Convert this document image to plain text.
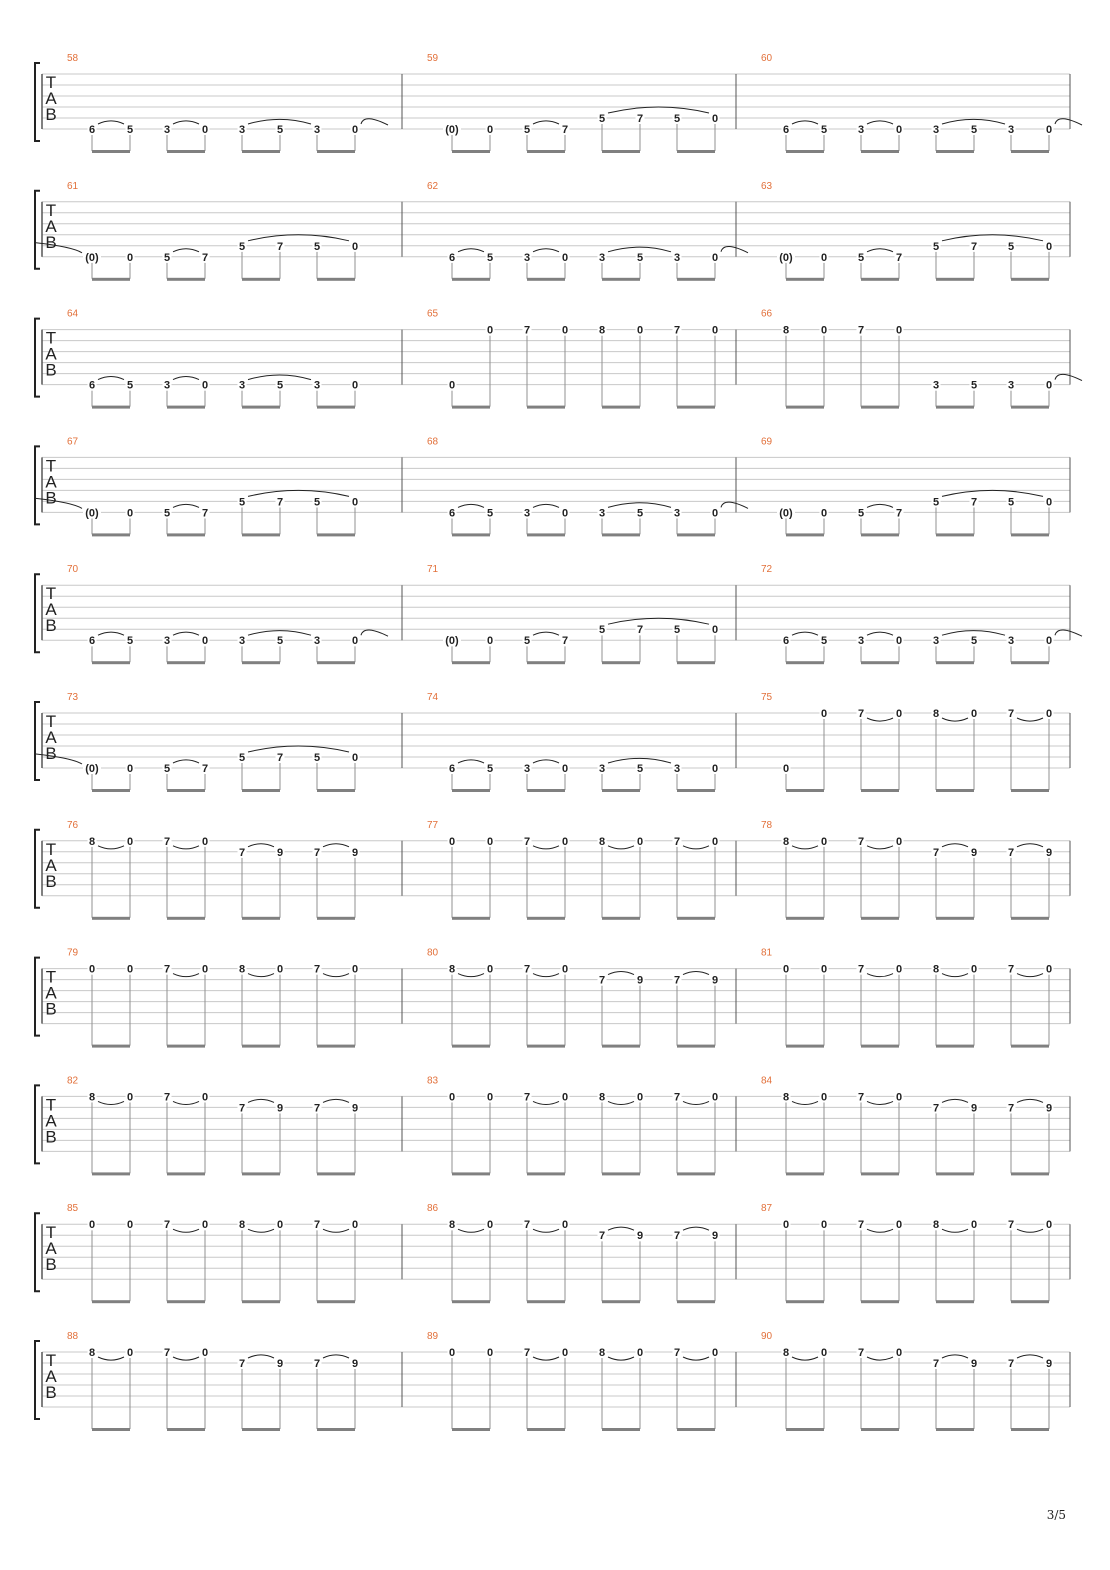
T
A
B
58
6	5	3	0	3	5	3	0
59
(0)	0	5	7
5	7	5	0
60
6	5	3	0	3	5	3	0
T
A
B
61
(0)	0	5	7
5	7	5	0
62
6	5	3	0	3	5	3	0
63
(0)	0	5	7
5	7	5	0
T
A
B
64
6	5	3	0	3	5	3	0
65
0
0	7	0	8	0	7	0
66
8	0	7	0
3	5	3	0
T
A
B
67
(0)	0	5	7
5	7	5	0
68
6	5	3	0	3	5	3	0
69
(0)	0	5	7
5	7	5	0
T
A
B
70
6	5	3	0	3	5	3	0
71
(0)	0	5	7
5	7	5	0
72
6	5	3	0	3	5	3	0
T
A
B
73
(0)	0	5	7
5	7	5	0
74
6	5	3	0	3	5	3	0
75
0
0	7	0	8	0	7	0
T
A
B
76
8	0	7	0
7	9	7	9
77
0	0	7	0	8	0	7	0
78
8	0	7	0
7	9	7	9
T
A
B
79
0	0	7	0	8	0	7	0
80
8	0	7	0
7	9	7	9
81
0	0	7	0	8	0	7	0
T
A
B
82
8	0	7	0
7	9	7	9
83
0	0	7	0	8	0	7	0
84
8	0	7	0
7	9	7	9
T
A
B
85
0	0	7	0	8	0	7	0
86
8	0	7	0
7	9	7	9
87
0	0	7	0	8	0	7	0
T
A
B
88
8	0	7	0
7	9	7	9
89
0	0	7	0	8	0	7	0
90
8	0	7	0
7	9	7	9
3/5
